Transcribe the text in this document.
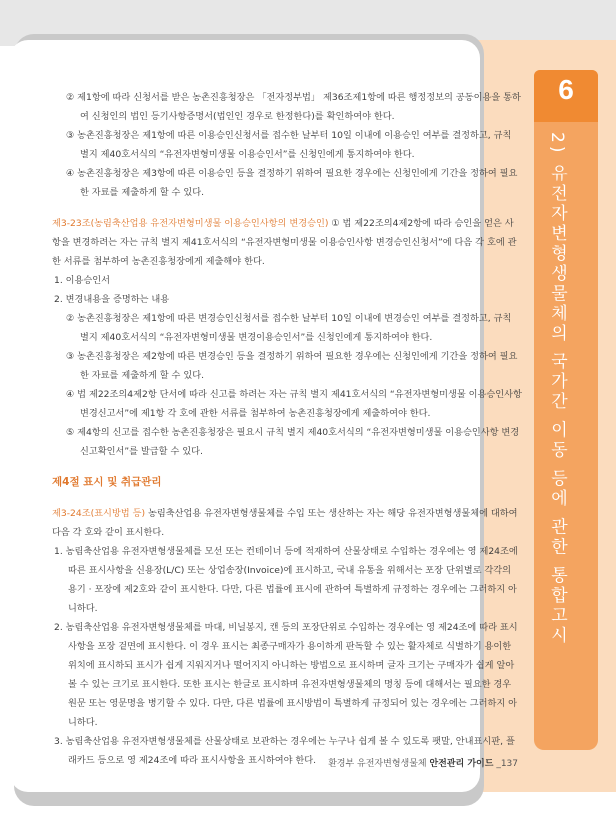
6
2) 유전자변형생물체의 국가간 이동 등에 관한 통합고시

② 제1항에 따라 신청서를 받은 농촌진흥청장은 「전자정부법」 제36조제1항에 따른 행정정보의 공동이용을 통하여 신청인의 법인 등기사항증명서(법인인 경우로 한정한다)를 확인하여야 한다.

③ 농촌진흥청장은 제1항에 따른 이용승인신청서를 접수한 날부터 10일 이내에 이용승인 여부를 결정하고, 규칙 별지 제40호서식의 “유전자변형미생물 이용승인서”를 신청인에게 통지하여야 한다.

④ 농촌진흥청장은 제3항에 따른 이용승인 등을 결정하기 위하여 필요한 경우에는 신청인에게 기간을 정하여 필요한 자료를 제출하게 할 수 있다.

제3-23조(농림축산업용 유전자변형미생물 이용승인사항의 변경승인) ① 법 제22조의4제2항에 따라 승인을 얻은 사항을 변경하려는 자는 규칙 별지 제41호서식의 “유전자변형미생물 이용승인사항 변경승인신청서”에 다음 각 호에 관한 서류를 첨부하여 농촌진흥청장에게 제출해야 한다.

1. 이용승인서

2. 변경내용을 증명하는 내용

② 농촌진흥청장은 제1항에 따른 변경승인신청서를 접수한 날부터 10일 이내에 변경승인 여부를 결정하고, 규칙 별지 제40호서식의 “유전자변형미생물 변경이용승인서”를 신청인에게 통지하여야 한다.

③ 농촌진흥청장은 제2항에 따른 변경승인 등을 결정하기 위하여 필요한 경우에는 신청인에게 기간을 정하여 필요한 자료를 제출하게 할 수 있다.

④ 법 제22조의4제2항 단서에 따라 신고를 하려는 자는 규칙 별지 제41호서식의 “유전자변형미생물 이용승인사항 변경신고서”에 제1항 각 호에 관한 서류를 첨부하여 농촌진흥청장에게 제출하여야 한다.

⑤ 제4항의 신고를 접수한 농촌진흥청장은 필요시 규칙 별지 제40호서식의 “유전자변형미생물 이용승인사항 변경신고확인서”를 발급할 수 있다.

제4절 표시 및 취급관리

제3-24조(표시방법 등) 농림축산업용 유전자변형생물체를 수입 또는 생산하는 자는 해당 유전자변형생물체에 대하여 다음 각 호와 같이 표시한다.

1. 농림축산업용 유전자변형생물체를 모선 또는 컨테이너 등에 적재하여 산물상태로 수입하는 경우에는 영 제24조에 따른 표시사항을 신용장(L/C) 또는 상업송장(Invoice)에 표시하고, 국내 유통을 위해서는 포장 단위별로 각각의 용기 · 포장에 제2호와 같이 표시한다. 다만, 다른 법률에 표시에 관하여 특별하게 규정하는 경우에는 그러하지 아니하다.

2. 농림축산업용 유전자변형생물체를 마대, 비닐봉지, 캔 등의 포장단위로 수입하는 경우에는 영 제24조에 따라 표시사항을 포장 겉면에 표시한다. 이 경우 표시는 최종구매자가 용이하게 판독할 수 있는 활자체로 식별하기 용이한 위치에 표시하되 표시가 쉽게 지워지거나 떨어지지 아니하는 방법으로 표시하며 글자 크기는 구매자가 쉽게 알아볼 수 있는 크기로 표시한다. 또한 표시는 한글로 표시하며 유전자변형생물체의 명칭 등에 대해서는 필요한 경우 원문 또는 영문명을 병기할 수 있다. 다만, 다른 법률에 표시방법이 특별하게 규정되어 있는 경우에는 그러하지 아니하다.

3. 농림축산업용 유전자변형생물체를 산물상태로 보관하는 경우에는 누구나 쉽게 볼 수 있도록 팻말, 안내표시판, 플래카드 등으로 영 제24조에 따라 표시사항을 표시하여야 한다.	환경부 유전자변형생물체 안전관리 가이드 _137
